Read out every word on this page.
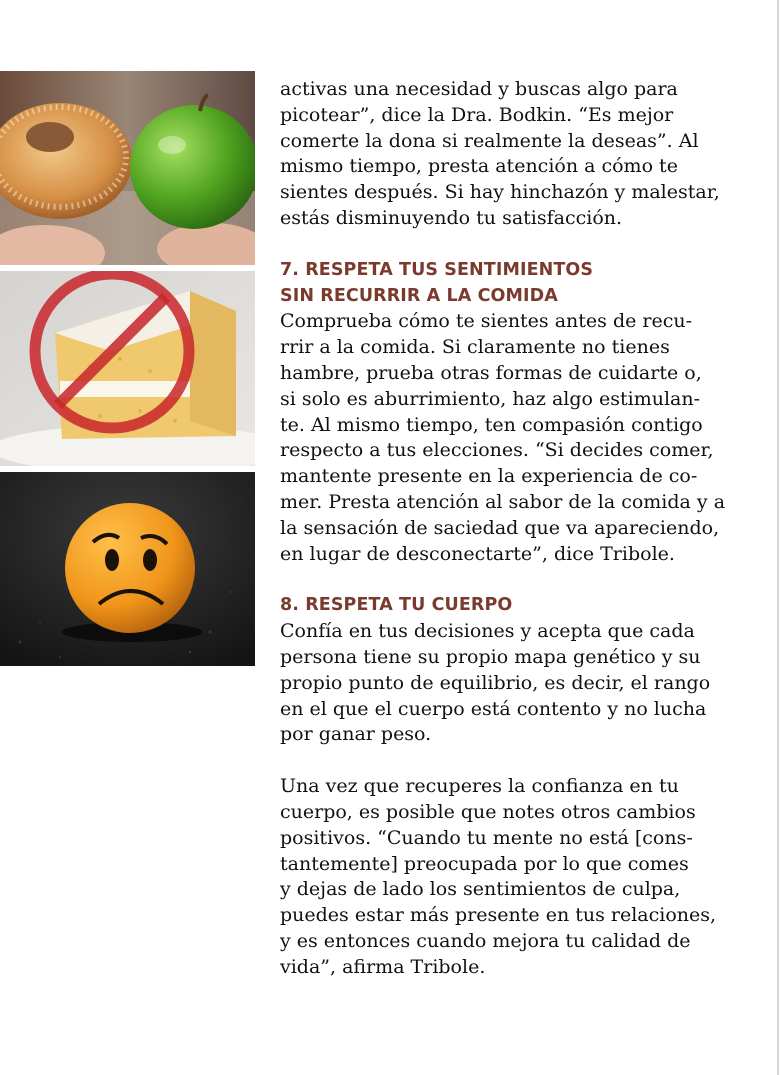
activas una necesidad y buscas algo para
picotear”, dice la Dra. Bodkin. “Es mejor
comerte la dona si realmente la deseas”. Al
mismo tiempo, presta atención a cómo te
sientes después. Si hay hinchazón y malestar,
estás disminuyendo tu satisfacción.

7. RESPETA TUS SENTIMIENTOS
SIN RECURRIR A LA COMIDA

Comprueba cómo te sientes antes de recu-
rrir a la comida. Si claramente no tienes
hambre, prueba otras formas de cuidarte o,
si solo es aburrimiento, haz algo estimulan-
te. Al mismo tiempo, ten compasión contigo
respecto a tus elecciones. “Si decides comer,
mantente presente en la experiencia de co-
mer. Presta atención al sabor de la comida y a
la sensación de saciedad que va apareciendo,
en lugar de desconectarte”, dice Tribole.

8. RESPETA TU CUERPO

Confía en tus decisiones y acepta que cada
persona tiene su propio mapa genético y su
propio punto de equilibrio, es decir, el rango
en el que el cuerpo está contento y no lucha
por ganar peso.

Una vez que recuperes la confianza en tu
cuerpo, es posible que notes otros cambios
positivos. “Cuando tu mente no está [cons-
tantemente] preocupada por lo que comes
y dejas de lado los sentimientos de culpa,
puedes estar más presente en tus relaciones,
y es entonces cuando mejora tu calidad de
vida”, afirma Tribole.
